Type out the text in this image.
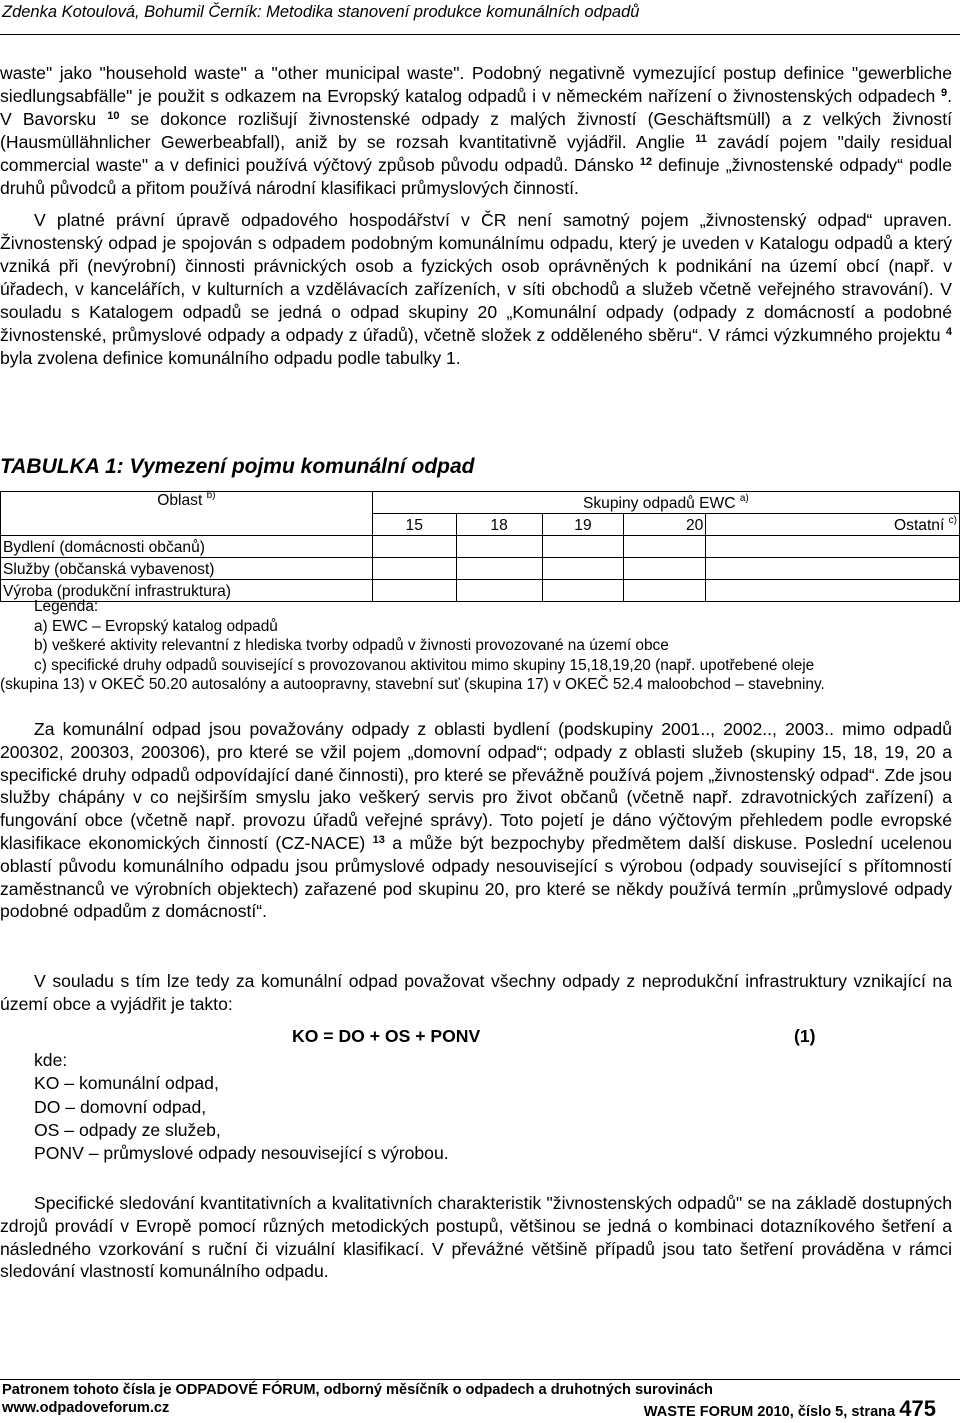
Zdenka Kotoulová, Bohumil Černík: Metodika stanovení produkce komunálních odpadů

waste" jako "household waste" a "other municipal waste". Podobný negativně vymezující postup definice "gewerbliche siedlungsabfälle" je použit s odkazem na Evropský katalog odpadů i v německém nařízení o živnostenských odpadech $^9$. V Bavorsku $^{10}$ se dokonce rozlišují živnostenské odpady z malých živností (Geschäftsmüll) a z velkých živností (Hausmüllähnlicher Gewerbeabfall), aniž by se rozsah kvantitativně vyjádřil. Anglie $^{11}$ zavádí pojem "daily residual commercial waste" a v definici používá výčtový způsob původu odpadů. Dánsko $^{12}$ definuje „živnostenské odpady“ podle druhů původců a přitom používá národní klasifikaci průmyslových činností.

V platné právní úpravě odpadového hospodářství v ČR není samotný pojem „živnostenský odpad“ upraven. Živnostenský odpad je spojován s odpadem podobným komunálnímu odpadu, který je uveden v Katalogu odpadů a který vzniká při (nevýrobní) činnosti právnických osob a fyzických osob oprávněných k podnikání na území obcí (např. v úřadech, v kancelářích, v kulturních a vzdělávacích zařízeních, v síti obchodů a služeb včetně veřejného stravování). V souladu s Katalogem odpadů se jedná o odpad skupiny 20 „Komunální odpady (odpady z domácností a podobné živnostenské, průmyslové odpady a odpady z úřadů), včetně složek z odděleného sběru“. V rámci výzkumného projektu $^4$ byla zvolena definice komunálního odpadu podle tabulky 1.

TABULKA 1: Vymezení pojmu komunální odpad
Oblast $^{b)}$	Skupiny odpadů EWC $^{a)}$
	15	18	19	20	Ostatní $^{c)}$
Bydlení (domácnosti občanů)					
Služby (občanská vybavenost)					
Výroba (produkční infrastruktura)					
Legenda:
a) EWC – Evropský katalog odpadů
b) veškeré aktivity relevantní z hlediska tvorby odpadů v živnosti provozované na území obce
c) specifické druhy odpadů související s provozovanou aktivitou mimo skupiny 15,18,19,20 (např. upotřebené oleje
(skupina 13) v OKEČ 50.20 autosalóny a autoopravny, stavební suť (skupina 17) v OKEČ 52.4 maloobchod – stavebniny.

Za komunální odpad jsou považovány odpady z oblasti bydlení (podskupiny 2001.., 2002.., 2003.. mimo odpadů 200302, 200303, 200306), pro které se vžil pojem „domovní odpad“; odpady z oblasti služeb (skupiny 15, 18, 19, 20 a specifické druhy odpadů odpovídající dané činnosti), pro které se převážně používá pojem „živnostenský odpad“. Zde jsou služby chápány v co nejširším smyslu jako veškerý servis pro život občanů (včetně např. zdravotnických zařízení) a fungování obce (včetně např. provozu úřadů veřejné správy). Toto pojetí je dáno výčtovým přehledem podle evropské klasifikace ekonomických činností (CZ-NACE) $^{13}$ a může být bezpochyby předmětem další diskuse. Poslední ucelenou oblastí původu komunálního odpadu jsou průmyslové odpady nesouvisející s výrobou (odpady související s přítomností zaměstnanců ve výrobních objektech) zařazené pod skupinu 20, pro které se někdy používá termín „průmyslové odpady podobné odpadům z domácností“.

V souladu s tím lze tedy za komunální odpad považovat všechny odpady z neprodukční infrastruktury vznikající na území obce a vyjádřit je takto:

KO = DO + OS + PONV	(1)
kde:
KO – komunální odpad,
DO – domovní odpad,
OS – odpady ze služeb,
PONV – průmyslové odpady nesouvisející s výrobou.

Specifické sledování kvantitativních a kvalitativních charakteristik "živnostenských odpadů" se na základě dostupných zdrojů provádí v Evropě pomocí různých metodických postupů, většinou se jedná o kombinaci dotazníkového šetření a následného vzorkování s ruční či vizuální klasifikací. V převážné většině případů jsou tato šetření prováděna v rámci sledování vlastností komunálního odpadu.

Patronem tohoto čísla je ODPADOVÉ FÓRUM, odborný měsíčník o odpadech a druhotných surovinách
www.odpadoveforum.cz	WASTE FORUM 2010, číslo 5, strana 475
